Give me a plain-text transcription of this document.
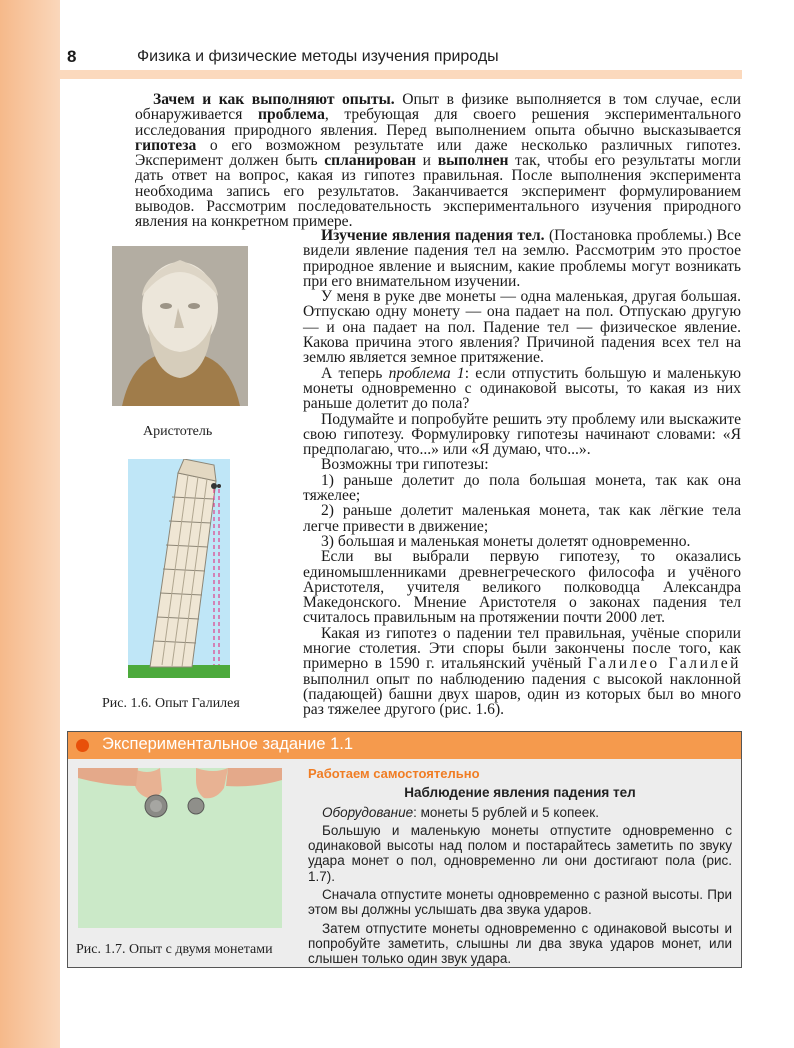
8	Физика и физические методы изучения природы

Зачем и как выполняют опыты. Опыт в физике выполняется в том случае, если обнаруживается проблема, требующая для своего решения экспериментального исследования природного явления. Перед выполнением опыта обычно высказывается гипотеза о его возможном результате или даже несколько различных гипотез. Эксперимент должен быть спланирован и выполнен так, чтобы его результаты могли дать ответ на вопрос, какая из гипотез правильная. После выполнения эксперимента необходима запись его результатов. Заканчивается эксперимент формулированием выводов. Рассмотрим последовательность экспериментального изучения природного явления на конкретном примере.

Аристотель
Рис. 1.6. Опыт Галилея

Изучение явления падения тел. (Постановка проблемы.) Все видели явление падения тел на землю. Рассмотрим это простое природное явление и выясним, какие проблемы могут возникать при его внимательном изучении.

У меня в руке две монеты — одна маленькая, другая большая. Отпускаю одну монету — она падает на пол. Отпускаю другую — и она падает на пол. Падение тел — физическое явление. Какова причина этого явления? Причиной падения всех тел на землю является земное притяжение.

А теперь проблема 1: если отпустить большую и маленькую монеты одновременно с одинаковой высоты, то какая из них раньше долетит до пола?

Подумайте и попробуйте решить эту проблему или выскажите свою гипотезу. Формулировку гипотезы начинают словами: «Я предполагаю, что...» или «Я думаю, что...».

Возможны три гипотезы:

1) раньше долетит до пола большая монета, так как она тяжелее;

2) раньше долетит маленькая монета, так как лёгкие тела легче привести в движение;

3) большая и маленькая монеты долетят одновременно.

Если вы выбрали первую гипотезу, то оказались единомышленниками древнегреческого философа и учёного Аристотеля, учителя великого полководца Александра Македонского. Мнение Аристотеля о законах падения тел считалось правильным на протяжении почти 2000 лет.

Какая из гипотез о падении тел правильная, учёные спорили многие столетия. Эти споры были закончены после того, как примерно в 1590 г. итальянский учёный Галилео Галилей выполнил опыт по наблюдению падения с высокой наклонной (падающей) башни двух шаров, один из которых был во много раз тяжелее другого (рис. 1.6).

Экспериментальное задание 1.1
Рис. 1.7. Опыт с двумя монетами

Работаем самостоятельно

Наблюдение явления падения тел

Оборудование: монеты 5 рублей и 5 копеек.

Большую и маленькую монеты отпустите одновременно с одинаковой высоты над полом и постарайтесь заметить по звуку удара монет о пол, одновременно ли они достигают пола (рис. 1.7).

Сначала отпустите монеты одновременно с разной высоты. При этом вы должны услышать два звука ударов.

Затем отпустите монеты одновременно с одинаковой высоты и попробуйте заметить, слышны ли два звука ударов монет, или слышен только один звук удара.
